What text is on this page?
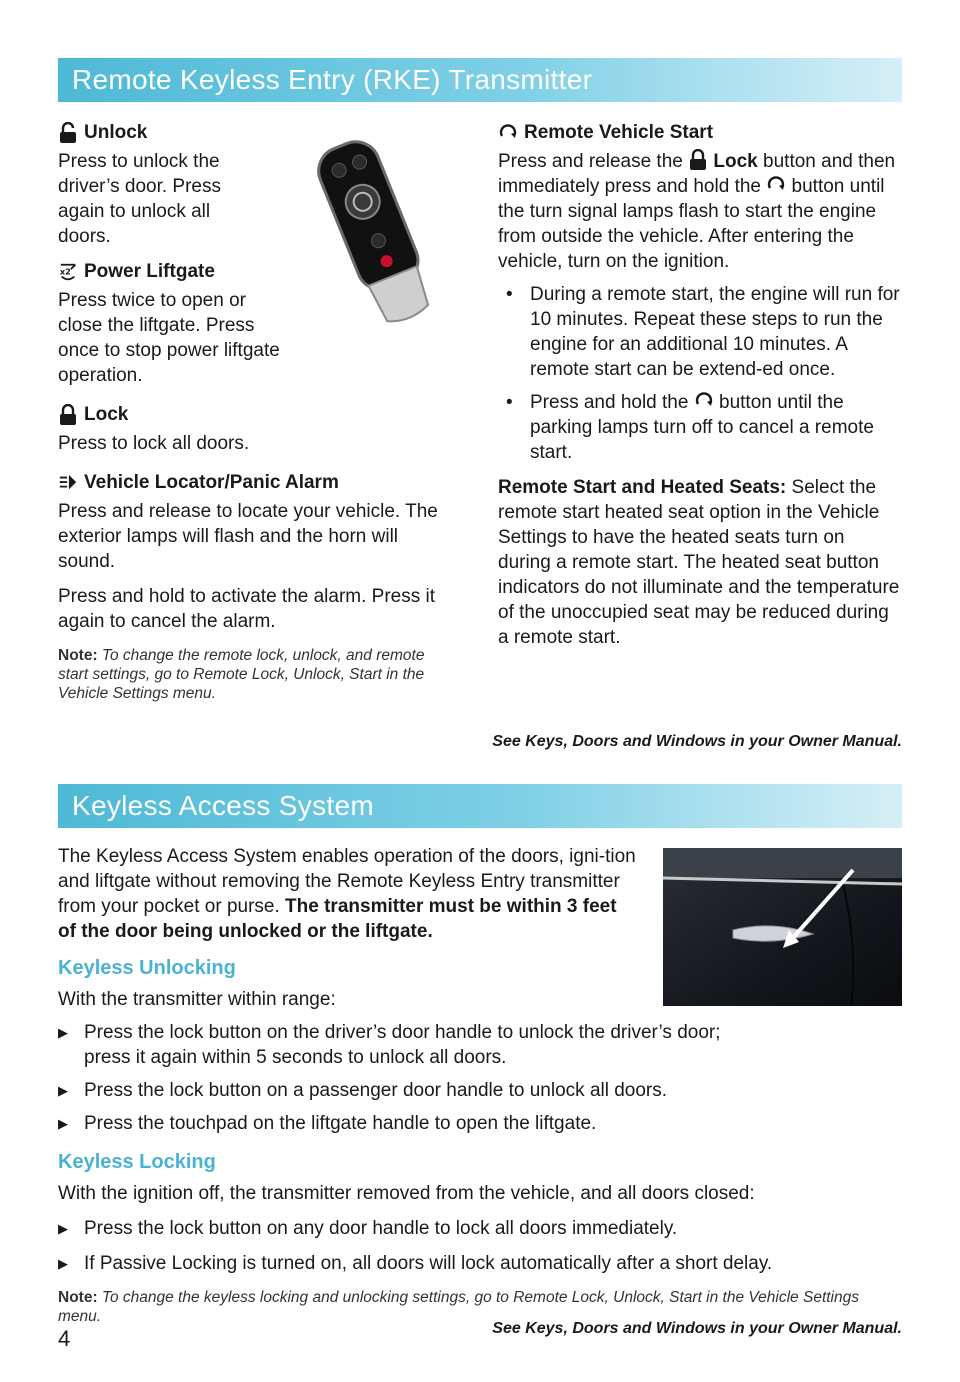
Remote Keyless Entry (RKE) Transmitter
Unlock

Press to unlock the driver’s door. Press again to unlock all doors.

x2 Power Liftgate

Press twice to open or close the liftgate. Press once to stop power liftgate operation.

Lock

Press to lock all doors.

Vehicle Locator/Panic Alarm

Press and release to locate your vehicle. The exterior lamps will flash and the horn will sound.

Press and hold to activate the alarm. Press it again to cancel the alarm.

Note: To change the remote lock, unlock, and remote start settings, go to Remote Lock, Unlock, Start in the Vehicle Settings menu.

Remote Vehicle Start

Press and release the Lock button and then immediately press and hold the button until the turn signal lamps flash to start the engine from outside the vehicle. After entering the vehicle, turn on the ignition.

• During a remote start, the engine will run for 10 minutes. Repeat these steps to run the engine for an additional 10 minutes. A remote start can be extend-ed once.
• Press and hold the button until the parking lamps turn off to cancel a remote start.

Remote Start and Heated Seats: Select the remote start heated seat option in the Vehicle Settings to have the heated seats turn on during a remote start. The heated seat button indicators do not illuminate and the temperature of the unoccupied seat may be reduced during a remote start.

See Keys, Doors and Windows in your Owner Manual.
Keyless Access System

The Keyless Access System enables operation of the doors, igni-tion and liftgate without removing the Remote Keyless Entry transmitter from your pocket or purse. The transmitter must be within 3 feet of the door being unlocked or the liftgate.

Keyless Unlocking

With the transmitter within range:

▶ Press the lock button on the driver’s door handle to unlock the driver’s door; press it again within 5 seconds to unlock all doors.
▶ Press the lock button on a passenger door handle to unlock all doors.
▶ Press the touchpad on the liftgate handle to open the liftgate.
Keyless Locking

With the ignition off, the transmitter removed from the vehicle, and all doors closed:

▶ Press the lock button on any door handle to lock all doors immediately.
▶ If Passive Locking is turned on, all doors will lock automatically after a short delay.

Note: To change the keyless locking and unlocking settings, go to Remote Lock, Unlock, Start in the Vehicle Settings menu.

See Keys, Doors and Windows in your Owner Manual.
4
